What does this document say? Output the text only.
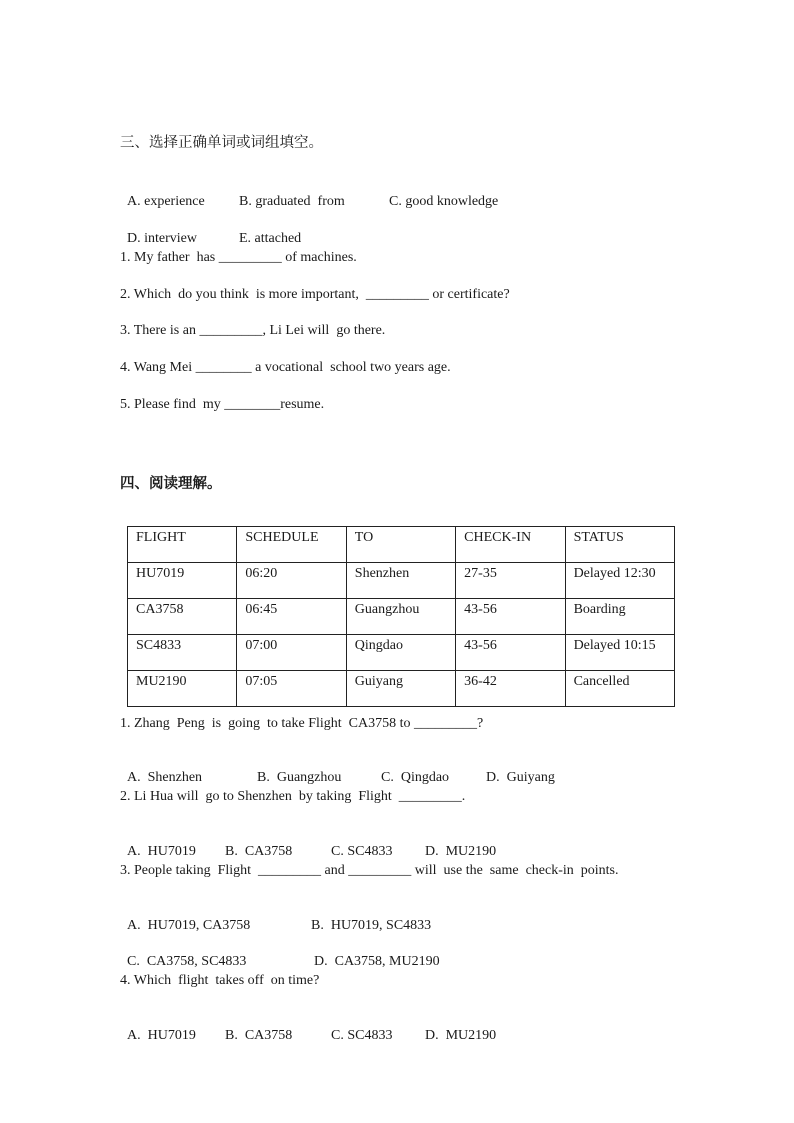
三、选择正确单词或词组填空。

A. experience B. graduated  from	C. good knowledge

D. interview	E. attached

1. My father  has _________ of machines.
2. Which  do you think  is more important,  _________ or certificate?
3. There is an _________, Li Lei will  go there.
4. Wang Mei ________ a vocational  school two years age.
5. Please find  my ________resume.
四、阅读理解。
FLIGHT	SCHEDULE	TO	CHECK-IN	STATUS
HU7019	06:20	Shenzhen	27-35	Delayed 12:30
CA3758	06:45	Guangzhou	43-56	Boarding
SC4833	07:00	Qingdao	43-56	Delayed 10:15
MU2190	07:05	Guiyang	36-42	Cancelled
1. Zhang  Peng  is  going  to take Flight  CA3758 to _________?

A.  Shenzhen	B.  Guangzhou	C.  Qingdao	D.  Guiyang

2. Li Hua will  go to Shenzhen  by taking  Flight  _________.

A.  HU7019 B.  CA3758	C. SC4833 D.  MU2190

3. People taking  Flight  _________ and _________ will  use the  same  check-in  points.

A.  HU7019, CA3758	B.  HU7019, SC4833

C.  CA3758, SC4833	D.  CA3758, MU2190

4. Which  flight  takes off  on time?

A.  HU7019 B.  CA3758	C. SC4833 D.  MU2190
